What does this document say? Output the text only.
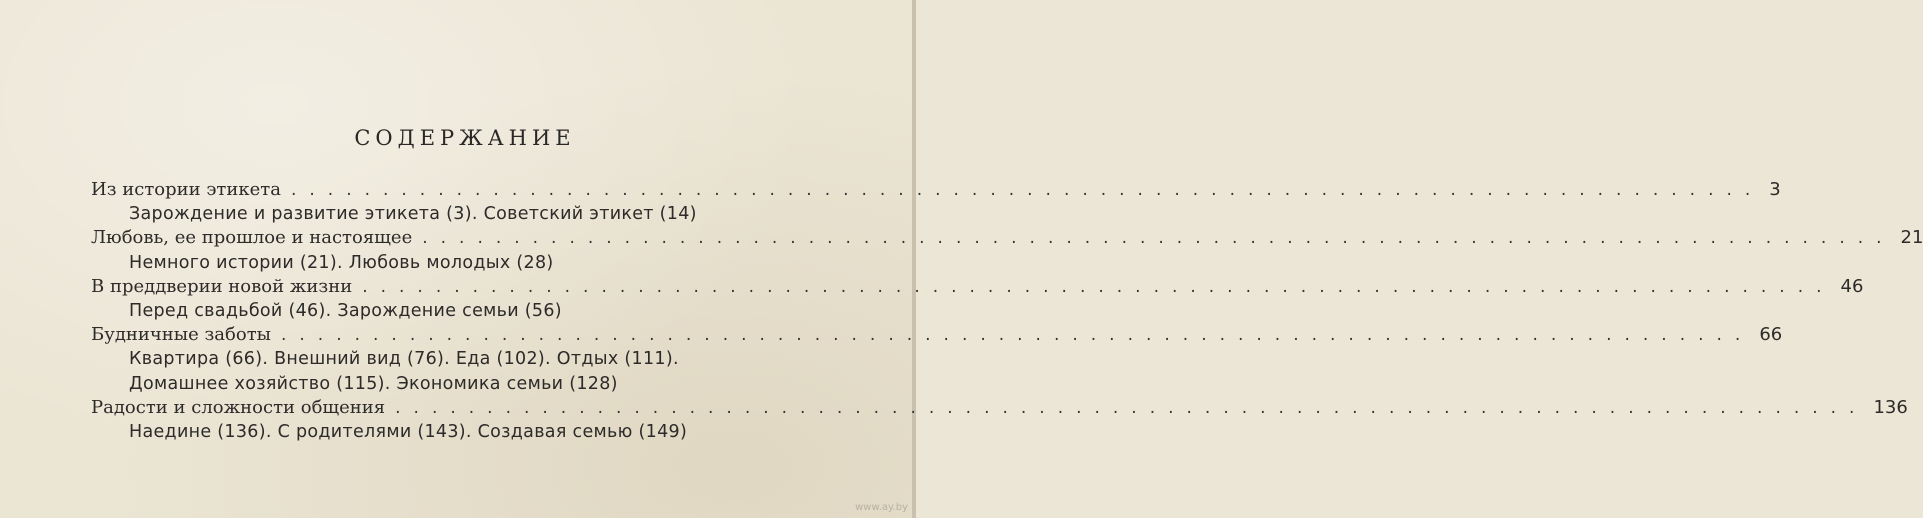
СОДЕРЖАНИЕ
Из истории этикета ................................................................................ 3
Зарождение и развитие этикета (3). Советский этикет (14)
Любовь, ее прошлое и настоящее ................................................................................ 21
Немного истории (21). Любовь молодых (28)
В преддверии новой жизни ................................................................................ 46
Перед свадьбой (46). Зарождение семьи (56)
Будничные заботы ................................................................................ 66
Квартира (66). Внешний вид (76). Еда (102). Отдых (111).
Домашнее хозяйство (115). Экономика семьи (128)
Радости и сложности общения ................................................................................ 136
Наедине (136). С родителями (143). Создавая семью (149)
www.ay.by
